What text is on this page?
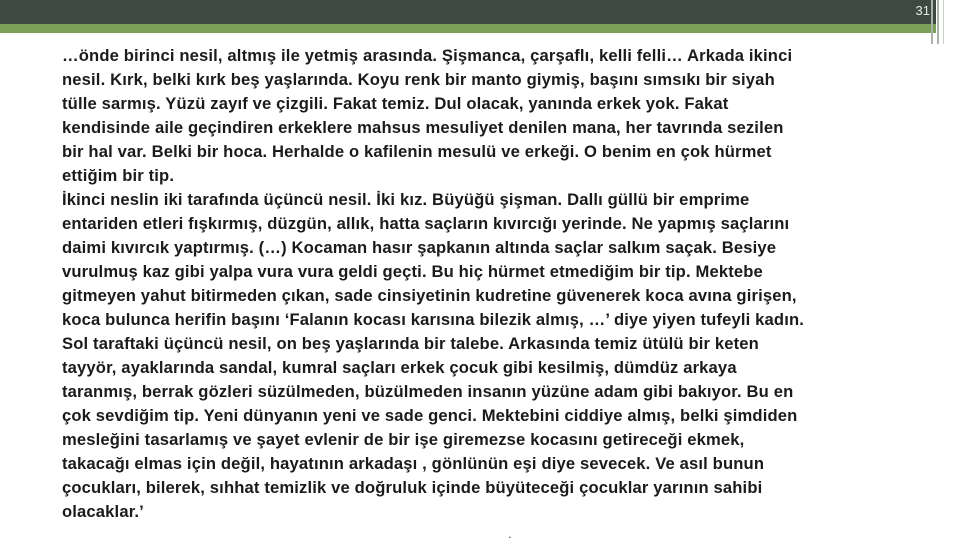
31

…önde birinci nesil, altmış ile yetmiş arasında. Şişmanca, çarşaflı, kelli felli… Arkada ikinci
nesil. Kırk, belki kırk beş yaşlarında. Koyu renk bir manto giymiş, başını sımsıkı bir siyah
tülle sarmış. Yüzü zayıf ve çizgili. Fakat temiz. Dul olacak, yanında erkek yok. Fakat
kendisinde aile geçindiren erkeklere mahsus mesuliyet denilen mana, her tavrında sezilen
bir hal var. Belki bir hoca. Herhalde o kafilenin mesulü ve erkeği. O benim en çok hürmet
ettiğim bir tip.
İkinci neslin iki tarafında üçüncü nesil. İki kız. Büyüğü şişman. Dallı güllü bir emprime
entariden etleri fışkırmış, düzgün, allık, hatta saçların kıvırcığı yerinde. Ne yapmış saçlarını
daimi kıvırcık yaptırmış. (…) Kocaman hasır şapkanın altında saçlar salkım saçak. Besiye
vurulmuş kaz gibi yalpa vura vura geldi geçti. Bu hiç hürmet etmediğim bir tip. Mektebe
gitmeyen yahut bitirmeden çıkan, sade cinsiyetinin kudretine güvenerek koca avına girişen,
koca bulunca herifin başını ‘Falanın kocası karısına bilezik almış, …’ diye yiyen tufeyli kadın.
Sol taraftaki üçüncü nesil, on beş yaşlarında bir talebe. Arkasında temiz ütülü bir keten
tayyör, ayaklarında sandal, kumral saçları erkek çocuk gibi kesilmiş, dümdüz arkaya
taranmış, berrak gözleri süzülmeden, büzülmeden insanın yüzüne adam gibi bakıyor. Bu en
çok sevdiğim tip. Yeni dünyanın yeni ve sade genci. Mektebini ciddiye almış, belki şimdiden
mesleğini tasarlamış ve şayet evlenir de bir işe giremezse kocasını getireceği ekmek,
takacağı elmas için değil, hayatının arkadaşı , gönlünün eşi diye sevecek. Ve asıl bunun
çocukları, bilerek, sıhhat temizlik ve doğruluk içinde büyüteceği çocuklar yarının sahibi
olacaklar.’

.
